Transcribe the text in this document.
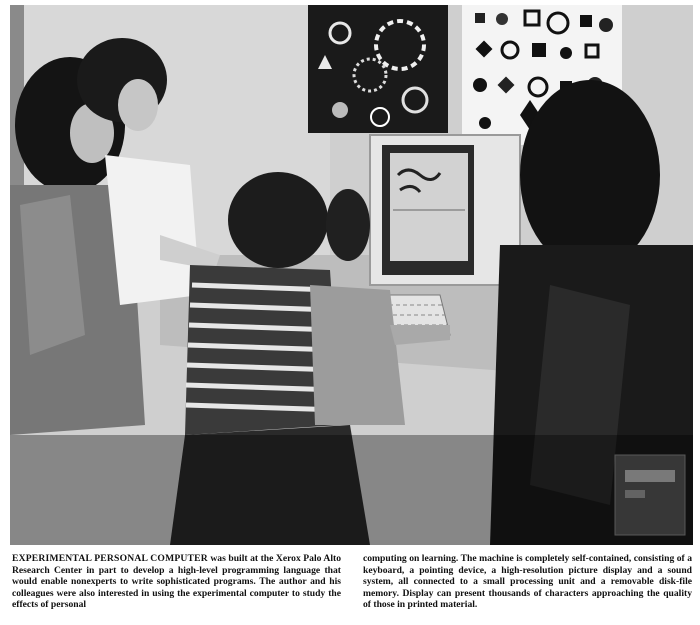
EXPERIMENTAL PERSONAL COMPUTER was built at the Xerox Palo Alto Research Center in part to develop a high-level programming language that would enable nonexperts to write sophisticated programs. The author and his colleagues were also interested in using the experimental computer to study the effects of personal
computing on learning. The machine is completely self-contained, consisting of a keyboard, a pointing device, a high-resolution picture display and a sound system, all connected to a small processing unit and a removable disk-file memory. Display can present thousands of characters approaching the quality of those in printed material.
